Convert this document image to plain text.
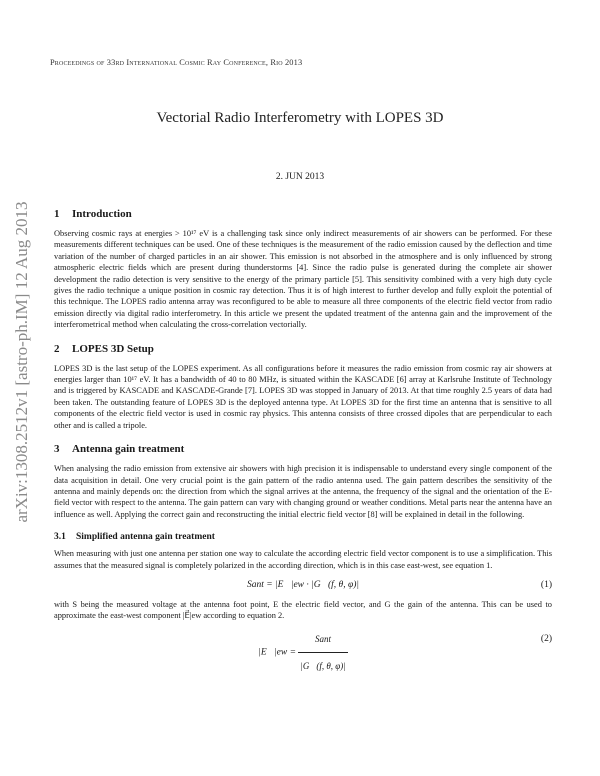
Proceedings of 33rd International Cosmic Ray Conference, Rio 2013
Vectorial Radio Interferometry with LOPES 3D
2. JUN 2013
arXiv:1308.2512v1 [astro-ph.IM] 12 Aug 2013 1 Introduction

Observing cosmic rays at energies > 10¹⁷ eV is a challenging task since only indirect measurements of air showers can be performed. For these measurements different techniques can be used. One of these techniques is the measurement of the radio emission caused by the deflection and time variation of the number of charged particles in an air shower. This emission is not absorbed in the atmosphere and is only influenced by strong atmospheric electric fields which are present during thunderstorms [4]. Since the radio pulse is generated during the complete air shower development the radio detection is very sensitive to the energy of the primary particle [5]. This sensitivity combined with a very high duty cycle gives the radio technique a unique position in cosmic ray detection. Thus it is of high interest to further develop and fully exploit the potential of this technique. The LOPES radio antenna array was reconfigured to be able to measure all three components of the electric field vector from radio emission directly via digital radio interferometry. In this article we present the updated treatment of the antenna gain and the improvement of the interferometrical method when calculating the cross-correlation vectorially.

2 LOPES 3D Setup

LOPES 3D is the last setup of the LOPES experiment. As all configurations before it measures the radio emission from cosmic ray air showers at energies larger than 10¹⁷ eV. It has a bandwidth of 40 to 80 MHz, is situated within the KASCADE [6] array at Karlsruhe Institute of Technology and is triggered by KASCADE and KASCADE-Grande [7]. LOPES 3D was stopped in January of 2013. At that time roughly 2.5 years of data had been taken. The outstanding feature of LOPES 3D is the deployed antenna type. At LOPES 3D for the first time an antenna that is sensitive to all components of the electric field vector is used in cosmic ray physics. This antenna consists of three crossed dipoles that are perpendicular to each other and is called a tripole.

3 Antenna gain treatment

When analysing the radio emission from extensive air showers with high precision it is indispensable to understand every single component of the data acquisition in detail. One very crucial point is the gain pattern of the radio antenna used. The gain pattern describes the sensitivity of the antenna and mainly depends on: the direction from which the signal arrives at the antenna, the frequency of the signal and the orientation of the E-field vector with respect to the antenna. The gain pattern can vary with changing ground or weather conditions. Metal parts near the antenna have an influence as well. Applying the correct gain and reconstructing the initial electric field vector [8] will be explained in detail in the following.

3.1 Simplified antenna gain treatment

When measuring with just one antenna per station one way to calculate the according electric field vector component is to use a simplification. This assumes that the measured signal is completely polarized in the according direction, which is in this case east-west, see equation 1.

Sant = |E⃗|ew · |G⃗(f, θ, φ)|	(1)

with S being the measured voltage at the antenna foot point, E the electric field vector, and G the gain of the antenna. This can be used to approximate the east-west component |E⃗|ew according to equation 2.

|E⃗|ew = $\frac{\text{Sant}}{|G⃗(f, \theta, \varphi)|}$	(2)
